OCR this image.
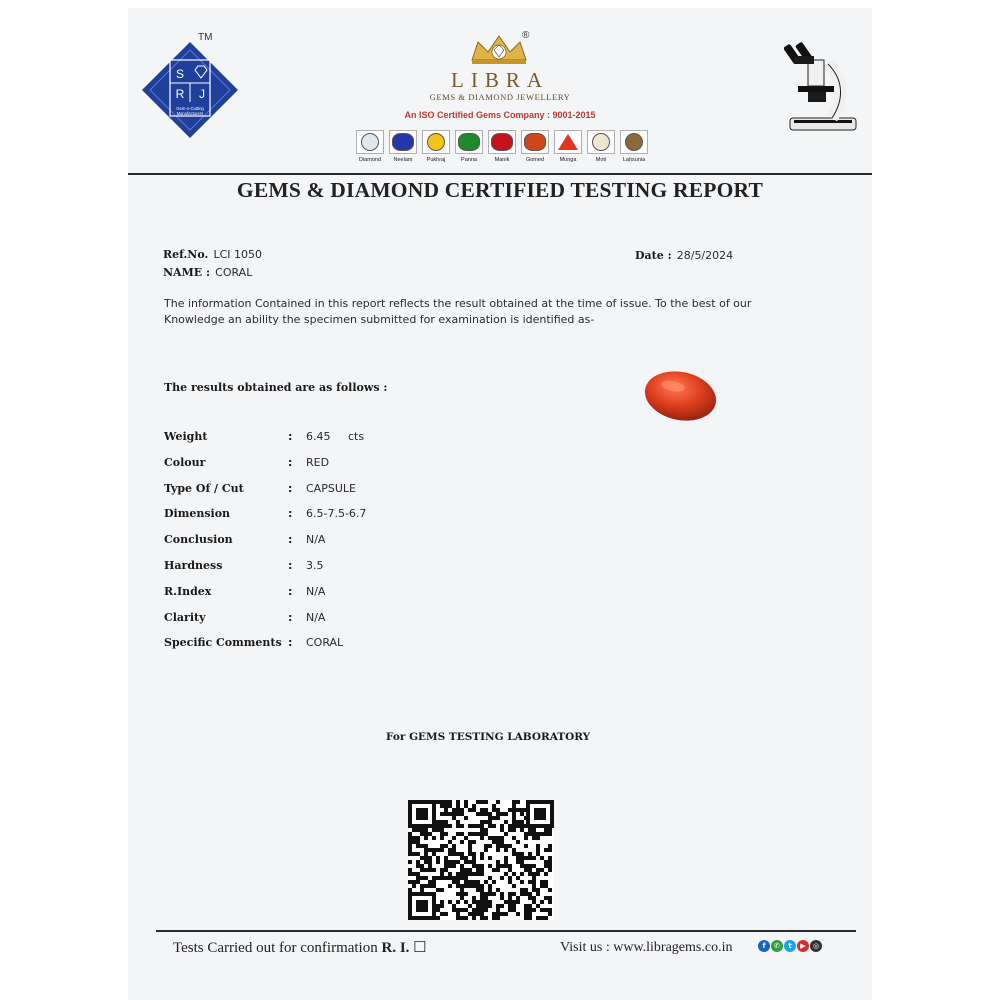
S
R J
Gem-n-Cutting
Manufacturers
TM	®
LIBRA
GEMS & DIAMOND JEWELLERY
An ISO Certified Gems Company : 9001-2015
Diamond Neelam	Pukhraj	Panna	Manik	Gomed	Munga	Moti	Lahsunia
GEMS & DIAMOND CERTIFIED TESTING REPORT
Ref.No. LCI 1050
NAME : CORAL
Date : 28/5/2024
The information Contained in this report reflects the result obtained at the time of issue. To the best of our
Knowledge an ability the specimen submitted for examination is identified as-
The results obtained are as follows :
Weight	: 6.45     cts
Colour	: RED
Type Of / Cut	: CAPSULE
Dimension	: 6.5-7.5-6.7
Conclusion	: N/A
Hardness	: 3.5
R.Index	: N/A
Clarity	: N/A
Specific Comments : CORAL
For GEMS TESTING LABORATORY
Tests Carried out for confirmation R. I. ☐	Visit us : www.libragems.co.in	f	✆	t	▶	◎
